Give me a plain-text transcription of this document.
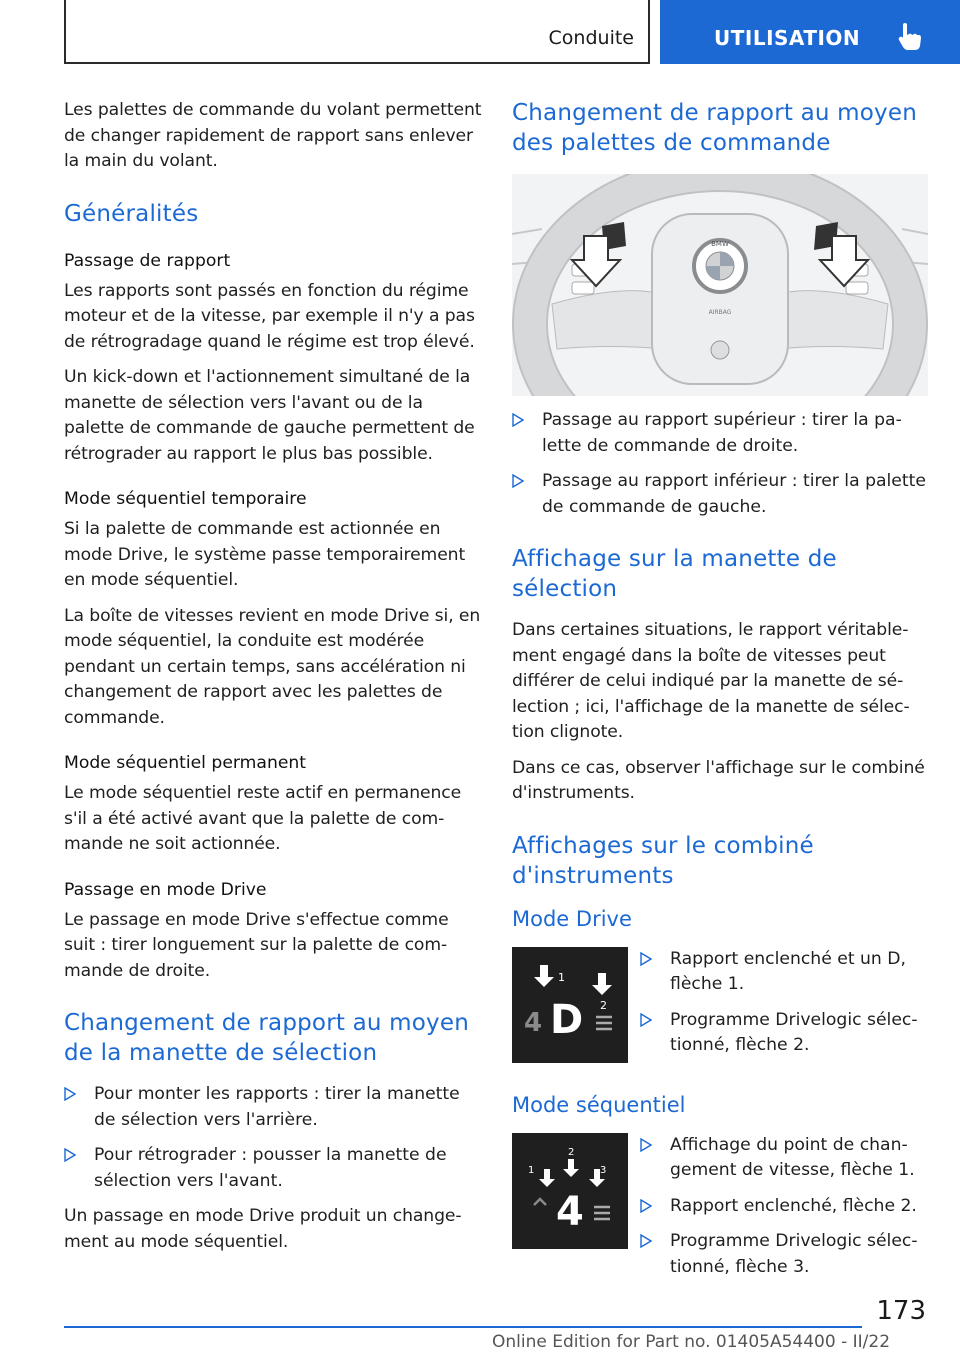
Conduite	UTILISATION

Les palettes de commande du volant permettent de changer rapidement de rapport sans enlever la main du volant.

Généralités
Passage de rapport

Les rapports sont passés en fonction du régime moteur et de la vitesse, par exemple il n'y a pas de rétrogradage quand le régime est trop élevé.

Un kick-down et l'actionnement simultané de la manette de sélection vers l'avant ou de la palette de commande de gauche permettent de rétrograder au rapport le plus bas possible.

Mode séquentiel temporaire

Si la palette de commande est actionnée en mode Drive, le système passe temporairement en mode séquentiel.

La boîte de vitesses revient en mode Drive si, en mode séquentiel, la conduite est modérée pendant un certain temps, sans accélération ni changement de rapport avec les palettes de commande.

Mode séquentiel permanent

Le mode séquentiel reste actif en permanence s'il a été activé avant que la palette de commande ne soit actionnée.

Passage en mode Drive

Le passage en mode Drive s'effectue comme suit : tirer longuement sur la palette de commande de droite.

Changement de rapport au moyen de la manette de sélection
Pour monter les rapports : tirer la manette de sélection vers l'arrière.
Pour rétrograder : pousser la manette de sélection vers l'avant.

Un passage en mode Drive produit un changement au mode séquentiel.

Changement de rapport au moyen des palettes de commande
BMW
AIRBAG
Passage au rapport supérieur : tirer la palette de commande de droite.
Passage au rapport inférieur : tirer la palette de commande de gauche.
Affichage sur la manette de sélection

Dans certaines situations, le rapport véritablement engagé dans la boîte de vitesses peut différer de celui indiqué par la manette de sélection ; ici, l'affichage de la manette de sélection clignote.

Dans ce cas, observer l'affichage sur le combiné d'instruments.

Affichages sur le combiné d'instruments
Mode Drive
1
2
4 D
Rapport enclenché et un D, flèche 1.
Programme Drivelogic sélectionné, flèche 2.
Mode séquentiel
1
2
3
4
Affichage du point de changement de vitesse, flèche 1.
Rapport enclenché, flèche 2.
Programme Drivelogic sélectionné, flèche 3.
173
Online Edition for Part no. 01405A54400 - II/22
